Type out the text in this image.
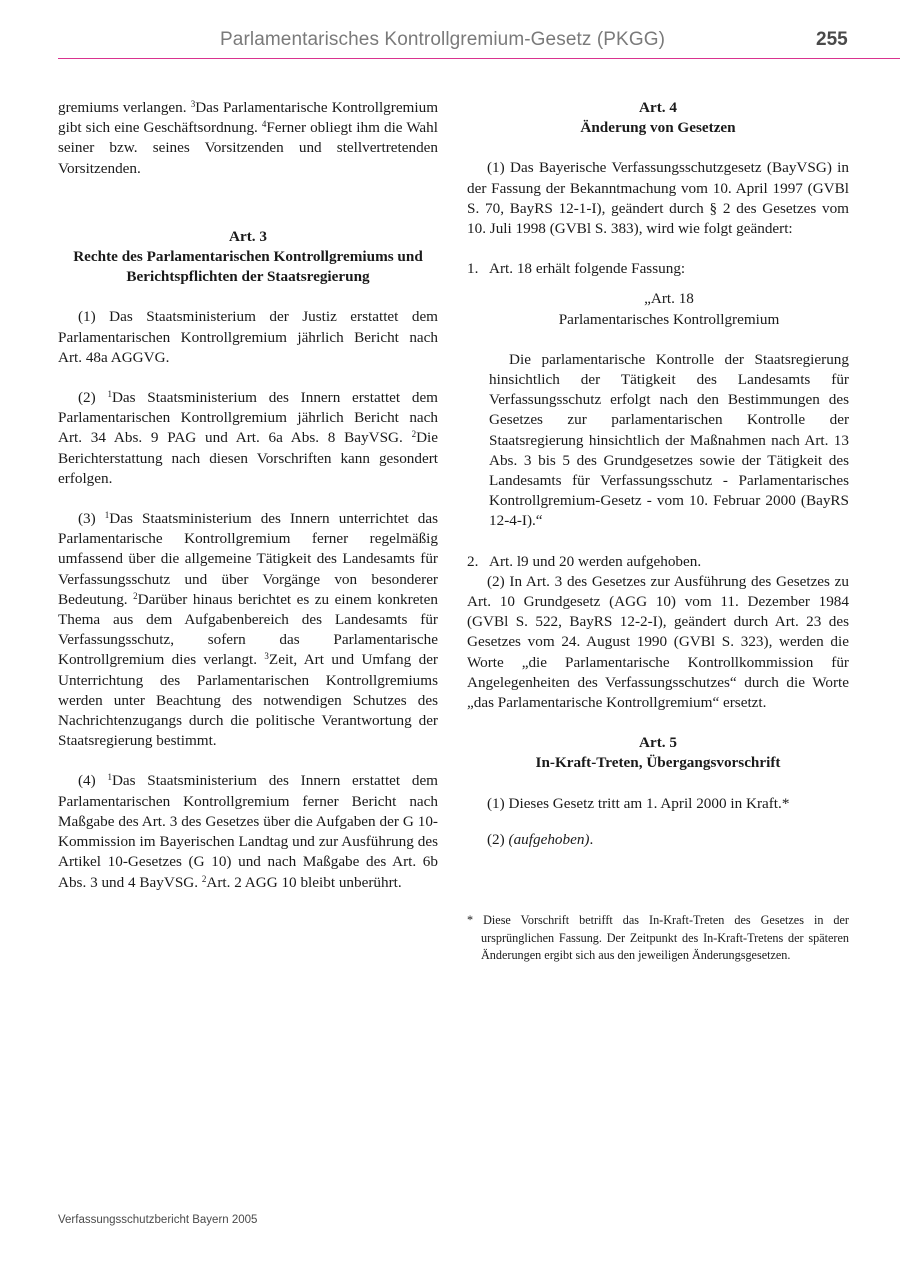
Parlamentarisches Kontrollgremium-Gesetz (PKGG)	255

gremiums verlangen. $^3$Das Parlamentarische Kontrollgremium gibt sich eine Geschäftsordnung. $^4$Ferner obliegt ihm die Wahl seiner bzw. seines Vorsitzenden und stellvertretenden Vorsitzenden.

Art. 3

Rechte des Parlamentarischen Kontrollgremiums und Berichtspflichten der Staatsregierung

(1) Das Staatsministerium der Justiz erstattet dem Parlamentarischen Kontrollgremium jährlich Bericht nach Art. 48a AGGVG.

(2) $^1$Das Staatsministerium des Innern erstattet dem Parlamentarischen Kontrollgremium jährlich Bericht nach Art. 34 Abs. 9 PAG und Art. 6a Abs. 8 BayVSG. $^2$Die Berichterstattung nach diesen Vorschriften kann gesondert erfolgen.

(3) $^1$Das Staatsministerium des Innern unterrichtet das Parlamentarische Kontrollgremium ferner regelmäßig umfassend über die allgemeine Tätigkeit des Landesamts für Verfassungsschutz und über Vorgänge von besonderer Bedeutung. $^2$Darüber hinaus berichtet es zu einem konkreten Thema aus dem Aufgabenbereich des Landesamts für Verfassungsschutz, sofern das Parlamentarische Kontrollgremium dies verlangt. $^3$Zeit, Art und Umfang der Unterrichtung des Parlamentarischen Kontrollgremiums werden unter Beachtung des notwendigen Schutzes des Nachrichtenzugangs durch die politische Verantwortung der Staatsregierung bestimmt.

(4) $^1$Das Staatsministerium des Innern erstattet dem Parlamentarischen Kontrollgremium ferner Bericht nach Maßgabe des Art. 3 des Gesetzes über die Aufgaben der G 10-Kommission im Bayerischen Landtag und zur Ausführung des Artikel 10-Gesetzes (G 10) und nach Maßgabe des Art. 6b Abs. 3 und 4 BayVSG. $^2$Art. 2 AGG 10 bleibt unberührt.

Art. 4

Änderung von Gesetzen

(1) Das Bayerische Verfassungsschutzgesetz (BayVSG) in der Fassung der Bekanntmachung vom 10. April 1997 (GVBl S. 70, BayRS 12-1-I), geändert durch § 2 des Gesetzes vom 10. Juli 1998 (GVBl S. 383), wird wie folgt geändert:

1. Art. 18 erhält folgende Fassung:

„Art. 18

Parlamentarisches Kontrollgremium

Die parlamentarische Kontrolle der Staatsregierung hinsichtlich der Tätigkeit des Landesamts für Verfassungsschutz erfolgt nach den Bestimmungen des Gesetzes zur parlamentarischen Kontrolle der Staatsregierung hinsichtlich der Maßnahmen nach Art. 13 Abs. 3 bis 5 des Grundgesetzes sowie der Tätigkeit des Landesamts für Verfassungsschutz - Parlamentarisches Kontrollgremium-Gesetz - vom 10. Februar 2000 (BayRS 12-4-I).“

2. Art. l9 und 20 werden aufgehoben.

(2) In Art. 3 des Gesetzes zur Ausführung des Gesetzes zu Art. 10 Grundgesetz (AGG 10) vom 11. Dezember 1984 (GVBl S. 522, BayRS 12-2-I), geändert durch Art. 23 des Gesetzes vom 24. August 1990 (GVBl S. 323), werden die Worte „die Parlamentarische Kontrollkommission für Angelegenheiten des Verfassungsschutzes“ durch die Worte „das Parlamentarische Kontrollgremium“ ersetzt.

Art. 5

In-Kraft-Treten, Übergangsvorschrift

(1) Dieses Gesetz tritt am 1. April 2000 in Kraft.*

(2) (aufgehoben).

* Diese Vorschrift betrifft das In-Kraft-Treten des Gesetzes in der ursprünglichen Fassung. Der Zeitpunkt des In-Kraft-Tretens der späteren Änderungen ergibt sich aus den jeweiligen Änderungsgesetzen.

Verfassungsschutzbericht Bayern 2005
